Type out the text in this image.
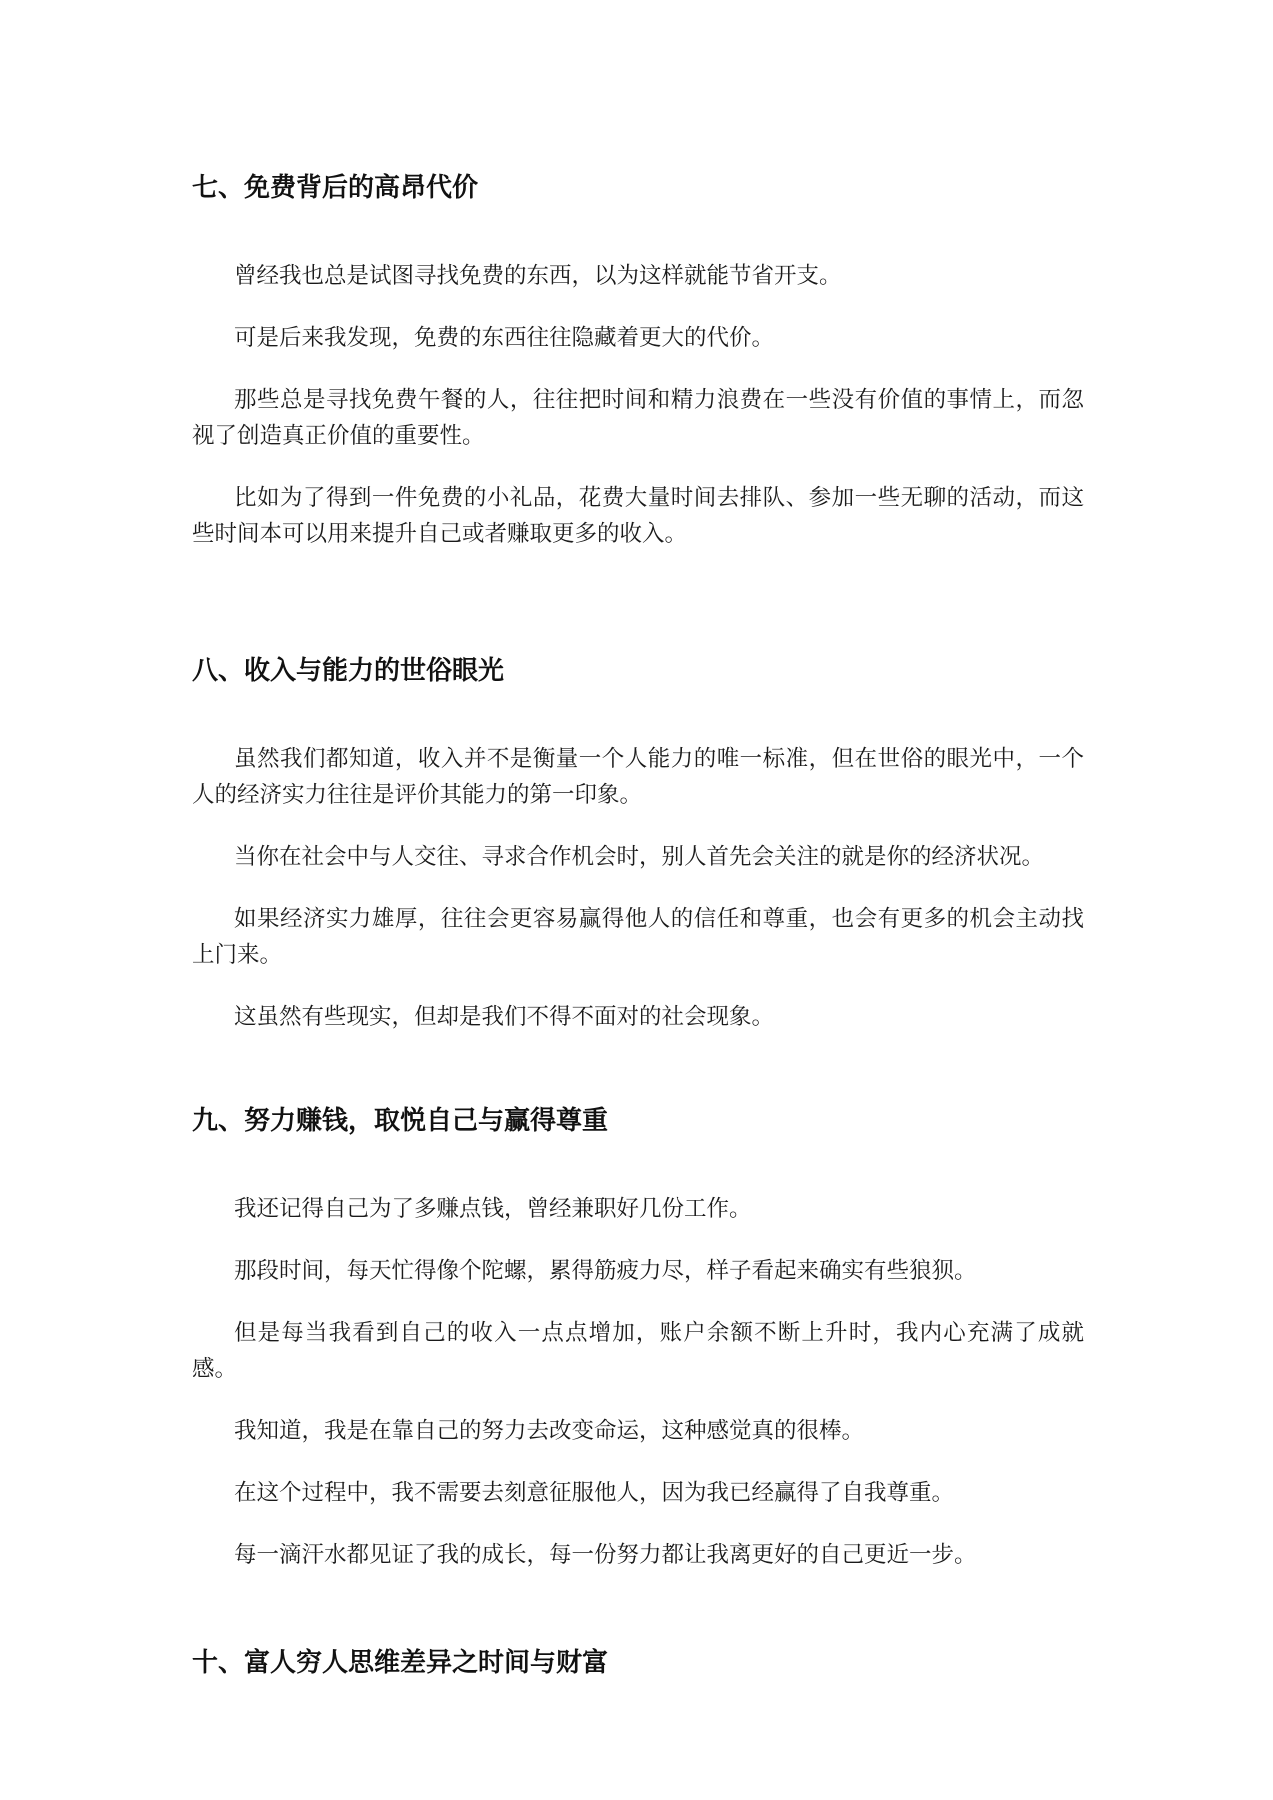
七、免费背后的高昂代价

曾经我也总是试图寻找免费的东西，以为这样就能节省开支。

可是后来我发现，免费的东西往往隐藏着更大的代价。

那些总是寻找免费午餐的人，往往把时间和精力浪费在一些没有价值的事情上，而忽视了创造真正价值的重要性。

比如为了得到一件免费的小礼品，花费大量时间去排队、参加一些无聊的活动，而这些时间本可以用来提升自己或者赚取更多的收入。

八、收入与能力的世俗眼光

虽然我们都知道，收入并不是衡量一个人能力的唯一标准，但在世俗的眼光中，一个人的经济实力往往是评价其能力的第一印象。

当你在社会中与人交往、寻求合作机会时，别人首先会关注的就是你的经济状况。

如果经济实力雄厚，往往会更容易赢得他人的信任和尊重，也会有更多的机会主动找上门来。

这虽然有些现实，但却是我们不得不面对的社会现象。

九、努力赚钱，取悦自己与赢得尊重

我还记得自己为了多赚点钱，曾经兼职好几份工作。

那段时间，每天忙得像个陀螺，累得筋疲力尽，样子看起来确实有些狼狈。

但是每当我看到自己的收入一点点增加，账户余额不断上升时，我内心充满了成就感。

我知道，我是在靠自己的努力去改变命运，这种感觉真的很棒。

在这个过程中，我不需要去刻意征服他人，因为我已经赢得了自我尊重。

每一滴汗水都见证了我的成长，每一份努力都让我离更好的自己更近一步。

十、富人穷人思维差异之时间与财富
